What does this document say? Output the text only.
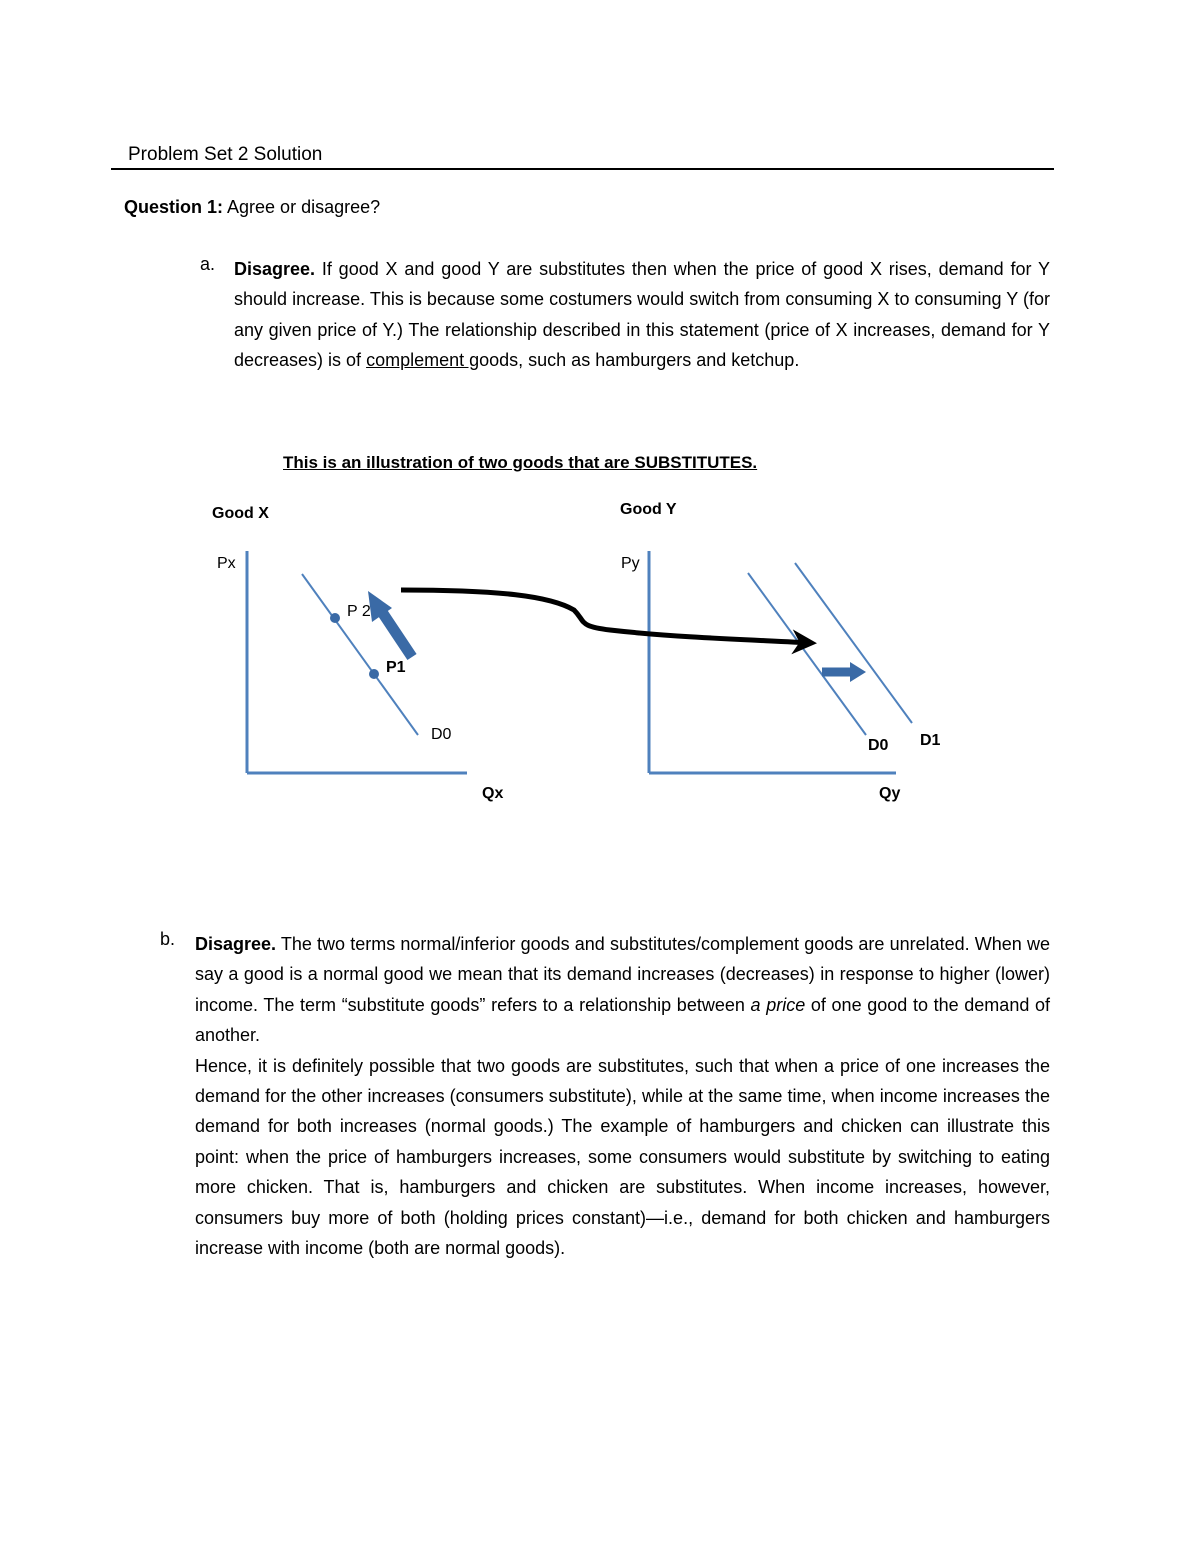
Problem Set 2 Solution
Question 1: Agree or disagree?
a. Disagree. If good X and good Y are substitutes then when the price of good X rises, demand for Y should increase. This is because some costumers would switch from consuming X to consuming Y (for any given price of Y.) The relationship described in this statement (price of X increases, demand for Y decreases) is of complement goods, such as hamburgers and ketchup.
This is an illustration of two goods that are SUBSTITUTES.
Good X
Px
P 2
P1
D0
Qx
Good Y
Py
D0 D1
Qy
b. Disagree. The two terms normal/inferior goods and substitutes/complement goods are unrelated. When we say a good is a normal good we mean that its demand increases (decreases) in response to higher (lower) income. The term “substitute goods” refers to a relationship between a price of one good to the demand of another.

Hence, it is definitely possible that two goods are substitutes, such that when a price of one increases the demand for the other increases (consumers substitute), while at the same time, when income increases the demand for both increases (normal goods.) The example of hamburgers and chicken can illustrate this point: when the price of hamburgers increases, some consumers would substitute by switching to eating more chicken. That is, hamburgers and chicken are substitutes. When income increases, however, consumers buy more of both (holding prices constant)—i.e., demand for both chicken and hamburgers increase with income (both are normal goods).
